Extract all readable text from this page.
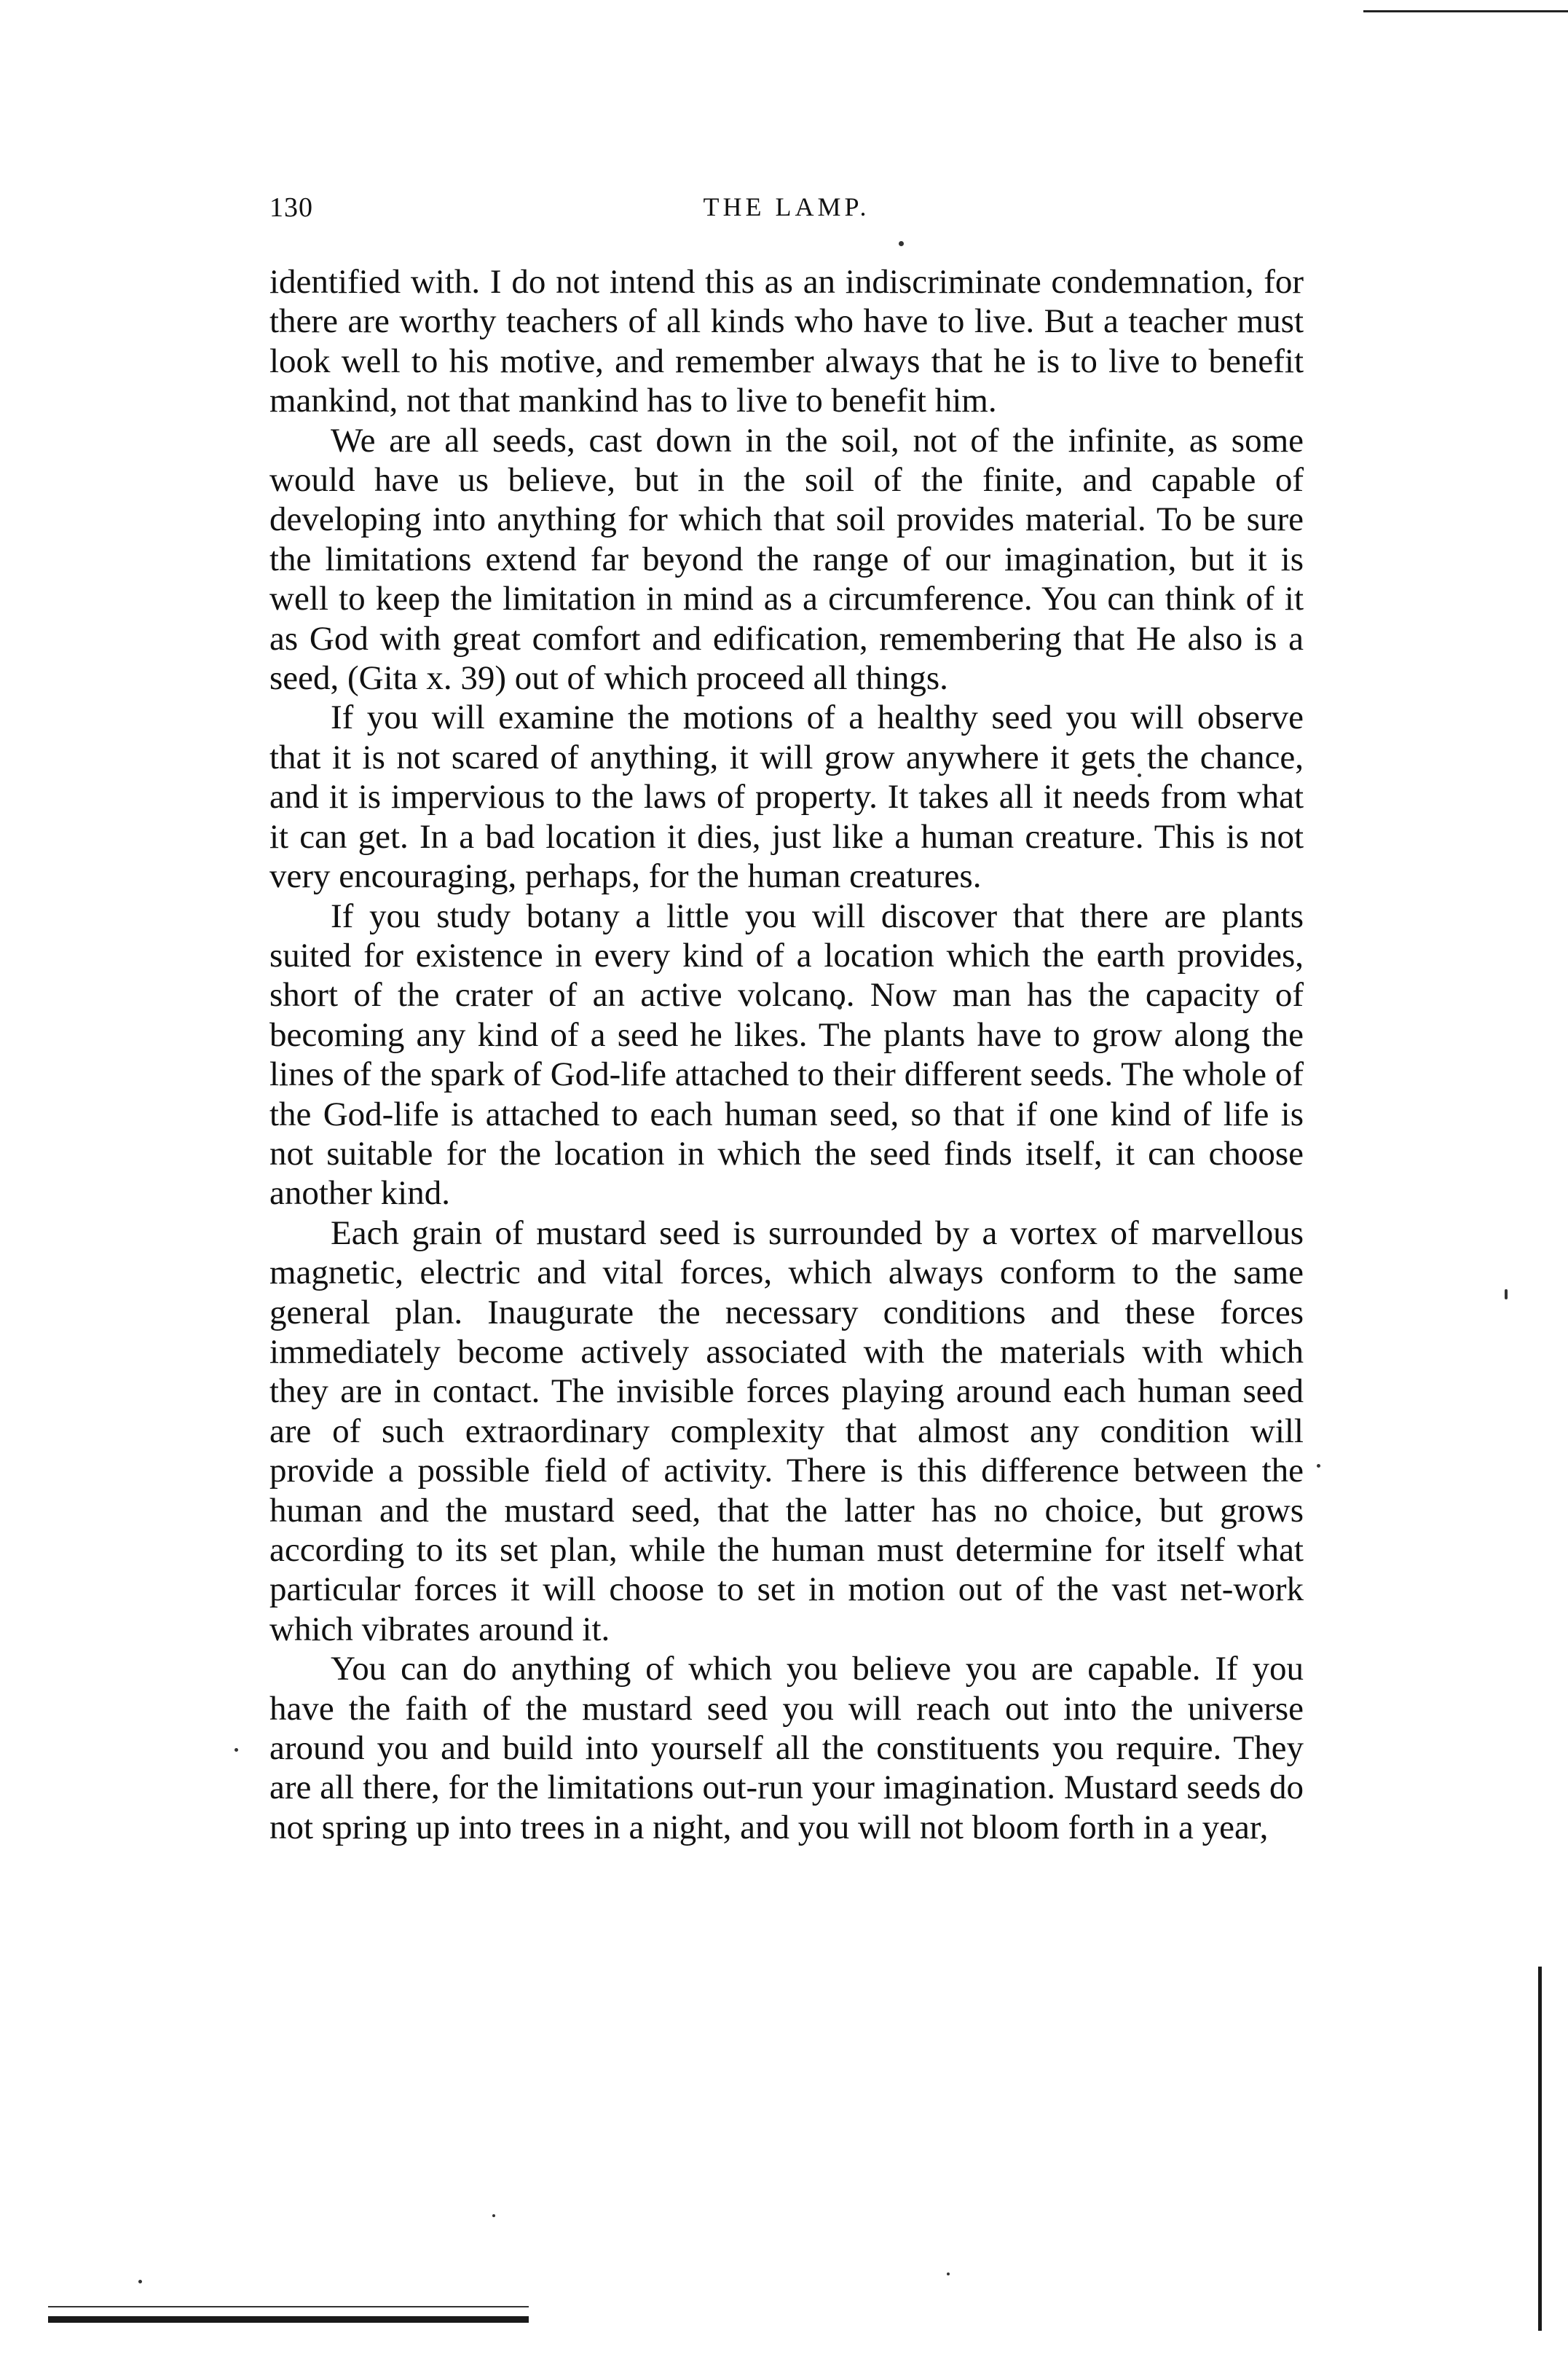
130	THE LAMP.

identified with. I do not intend this as an indiscriminate condemnation, for there are worthy teachers of all kinds who have to live. But a teacher must look well to his motive, and remember always that he is to live to benefit mankind, not that mankind has to live to benefit him.

We are all seeds, cast down in the soil, not of the infinite, as some would have us believe, but in the soil of the finite, and capable of developing into anything for which that soil provides material. To be sure the limitations extend far beyond the range of our imagination, but it is well to keep the limitation in mind as a circumference. You can think of it as God with great comfort and edification, remembering that He also is a seed, (Gita x. 39) out of which proceed all things.

If you will examine the motions of a healthy seed you will observe that it is not scared of anything, it will grow anywhere it gets the chance, and it is impervious to the laws of property. It takes all it needs from what it can get. In a bad location it dies, just like a human creature. This is not very encouraging, perhaps, for the human creatures.

If you study botany a little you will discover that there are plants suited for existence in every kind of a location which the earth provides, short of the crater of an active volcano. Now man has the capacity of becoming any kind of a seed he likes. The plants have to grow along the lines of the spark of God-life attached to their different seeds. The whole of the God-life is attached to each human seed, so that if one kind of life is not suitable for the location in which the seed finds itself, it can choose another kind.

Each grain of mustard seed is surrounded by a vortex of marvellous magnetic, electric and vital forces, which always conform to the same general plan. Inaugurate the necessary conditions and these forces immediately become actively associated with the materials with which they are in contact. The invisible forces playing around each human seed are of such extraordinary complexity that almost any condition will provide a possible field of activity. There is this difference between the human and the mustard seed, that the latter has no choice, but grows according to its set plan, while the human must determine for itself what particular forces it will choose to set in motion out of the vast net-work which vibrates around it.

You can do anything of which you believe you are capable. If you have the faith of the mustard seed you will reach out into the universe around you and build into yourself all the constituents you require. They are all there, for the limitations out-run your imagination. Mustard seeds do not spring up into trees in a night, and you will not bloom forth in a year,
